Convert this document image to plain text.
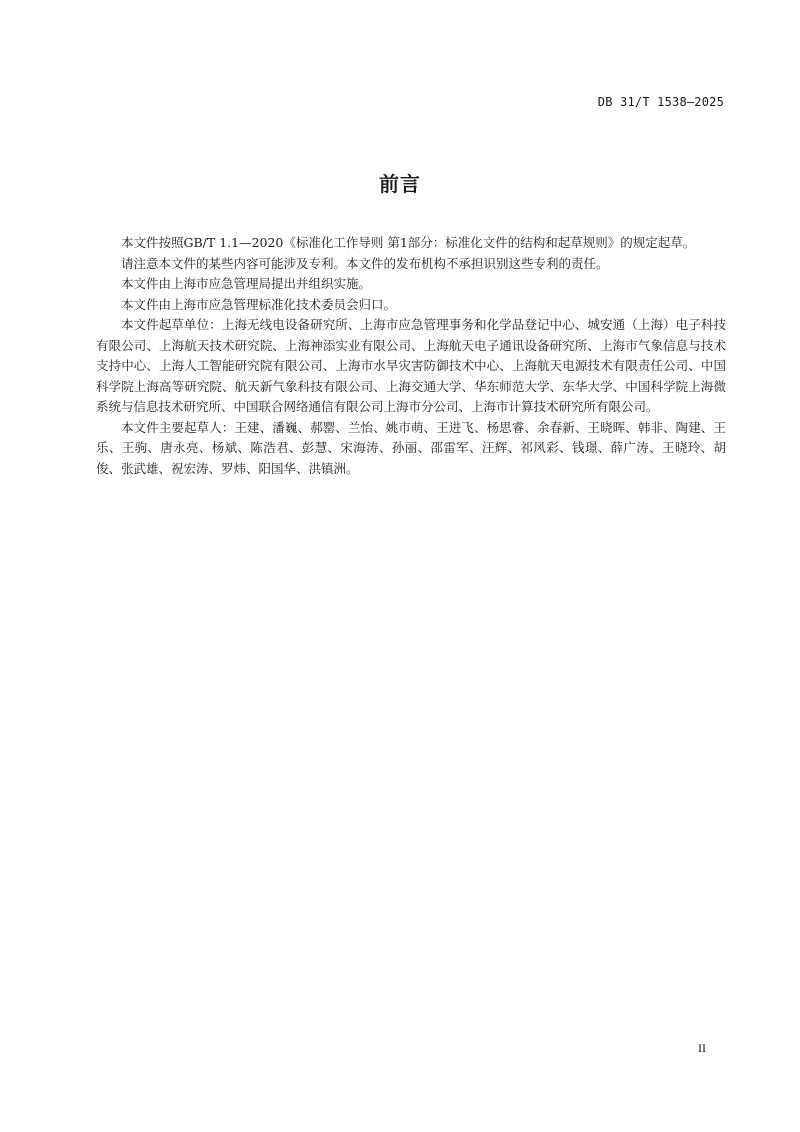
DB 31/T 1538—2025
前言

本文件按照GB/T 1.1—2020《标准化工作导则 第1部分：标准化文件的结构和起草规则》的规定起草。

请注意本文件的某些内容可能涉及专利。本文件的发布机构不承担识别这些专利的责任。

本文件由上海市应急管理局提出并组织实施。

本文件由上海市应急管理标准化技术委员会归口。

本文件起草单位：上海无线电设备研究所、上海市应急管理事务和化学品登记中心、城安通（上海）电子科技有限公司、上海航天技术研究院、上海神添实业有限公司、上海航天电子通讯设备研究所、上海市气象信息与技术支持中心、上海人工智能研究院有限公司、上海市水旱灾害防御技术中心、上海航天电源技术有限责任公司、中国科学院上海高等研究院、航天新气象科技有限公司、上海交通大学、华东师范大学、东华大学、中国科学院上海微系统与信息技术研究所、中国联合网络通信有限公司上海市分公司、上海市计算技术研究所有限公司。

本文件主要起草人：王建、潘巍、郝罂、兰怡、姚市萌、王进飞、杨思睿、余春新、王晓晖、韩非、陶建、王乐、王驹、唐永亮、杨斌、陈浩君、彭慧、宋海涛、孙丽、邵雷军、汪辉、祁风彩、钱璟、薛广涛、王晓玲、胡俊、张武雄、祝宏涛、罗炜、阳国华、洪镇洲。

II
